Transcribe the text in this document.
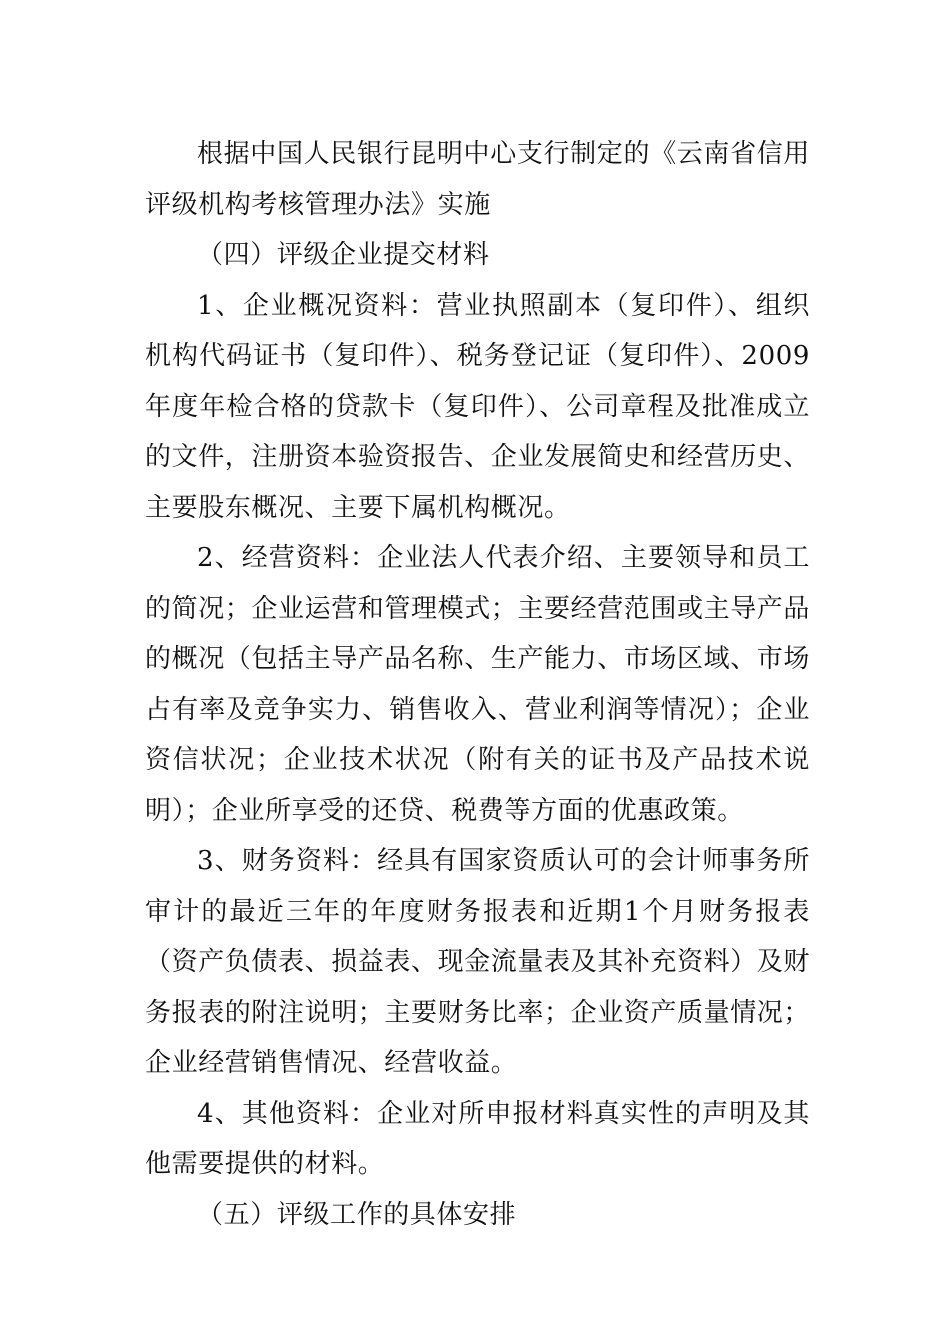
根据中国人民银行昆明中心支行制定的《云南省信用评级机构考核管理办法》实施

（四）评级企业提交材料

1、企业概况资料：营业执照副本（复印件）、组织机构代码证书（复印件）、税务登记证（复印件）、2009年度年检合格的贷款卡（复印件）、公司章程及批准成立的文件，注册资本验资报告、企业发展简史和经营历史、主要股东概况、主要下属机构概况。

2、经营资料：企业法人代表介绍、主要领导和员工的简况；企业运营和管理模式；主要经营范围或主导产品的概况（包括主导产品名称、生产能力、市场区域、市场占有率及竞争实力、销售收入、营业利润等情况）；企业资信状况；企业技术状况（附有关的证书及产品技术说明）；企业所享受的还贷、税费等方面的优惠政策。

3、财务资料：经具有国家资质认可的会计师事务所审计的最近三年的年度财务报表和近期1个月财务报表（资产负债表、损益表、现金流量表及其补充资料）及财务报表的附注说明；主要财务比率；企业资产质量情况；企业经营销售情况、经营收益。

4、其他资料：企业对所申报材料真实性的声明及其他需要提供的材料。

（五）评级工作的具体安排
